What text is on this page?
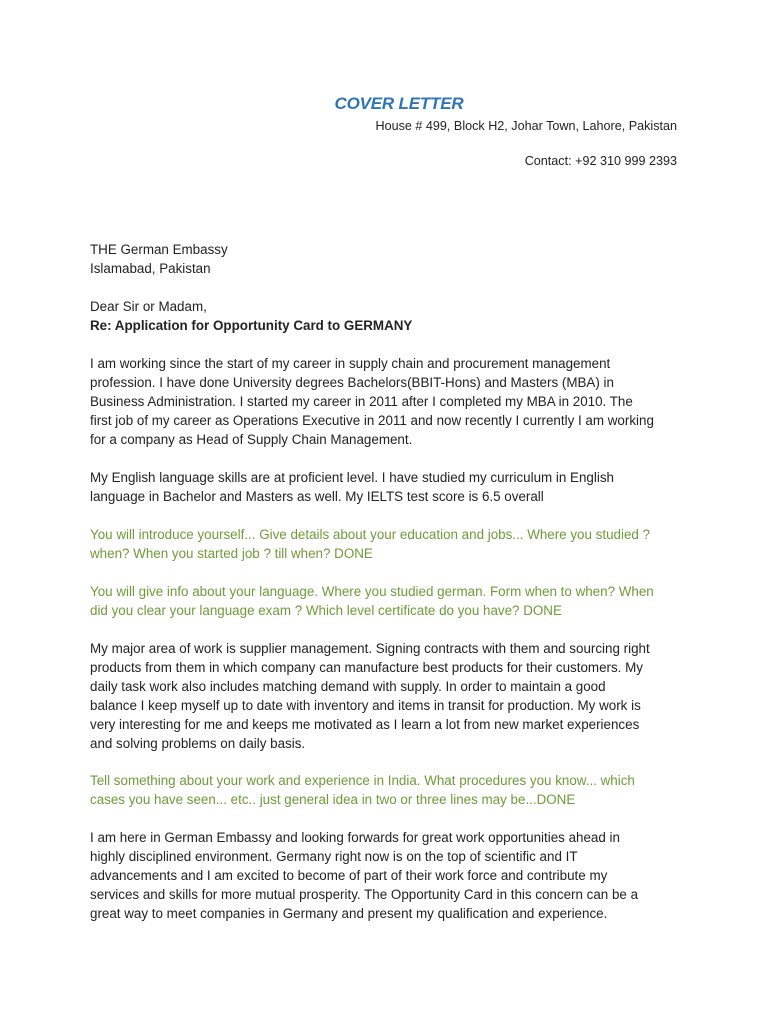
COVER LETTER
House # 499, Block H2, Johar Town, Lahore, Pakistan
Contact: +92 310 999 2393
THE German Embassy
Islamabad, Pakistan
Dear Sir or Madam,
Re: Application for Opportunity Card to GERMANY
I am working since the start of my career in supply chain and procurement management
profession. I have done University degrees Bachelors(BBIT-Hons) and Masters (MBA) in
Business Administration. I started my career in 2011 after I completed my MBA in 2010. The
first job of my career as Operations Executive in 2011 and now recently I currently I am working
for a company as Head of Supply Chain Management.
My English language skills are at proficient level. I have studied my curriculum in English
language in Bachelor and Masters as well. My IELTS test score is 6.5 overall
You will introduce yourself... Give details about your education and jobs... Where you studied ?
when? When you started job ? till when? DONE
You will give info about your language. Where you studied german. Form when to when? When
did you clear your language exam ? Which level certificate do you have? DONE
My major area of work is supplier management. Signing contracts with them and sourcing right
products from them in which company can manufacture best products for their customers. My
daily task work also includes matching demand with supply. In order to maintain a good
balance I keep myself up to date with inventory and items in transit for production. My work is
very interesting for me and keeps me motivated as I learn a lot from new market experiences
and solving problems on daily basis.
Tell something about your work and experience in India. What procedures you know... which
cases you have seen... etc.. just general idea in two or three lines may be...DONE
I am here in German Embassy and looking forwards for great work opportunities ahead in
highly disciplined environment. Germany right now is on the top of scientific and IT
advancements and I am excited to become of part of their work force and contribute my
services and skills for more mutual prosperity. The Opportunity Card in this concern can be a
great way to meet companies in Germany and present my qualification and experience.
